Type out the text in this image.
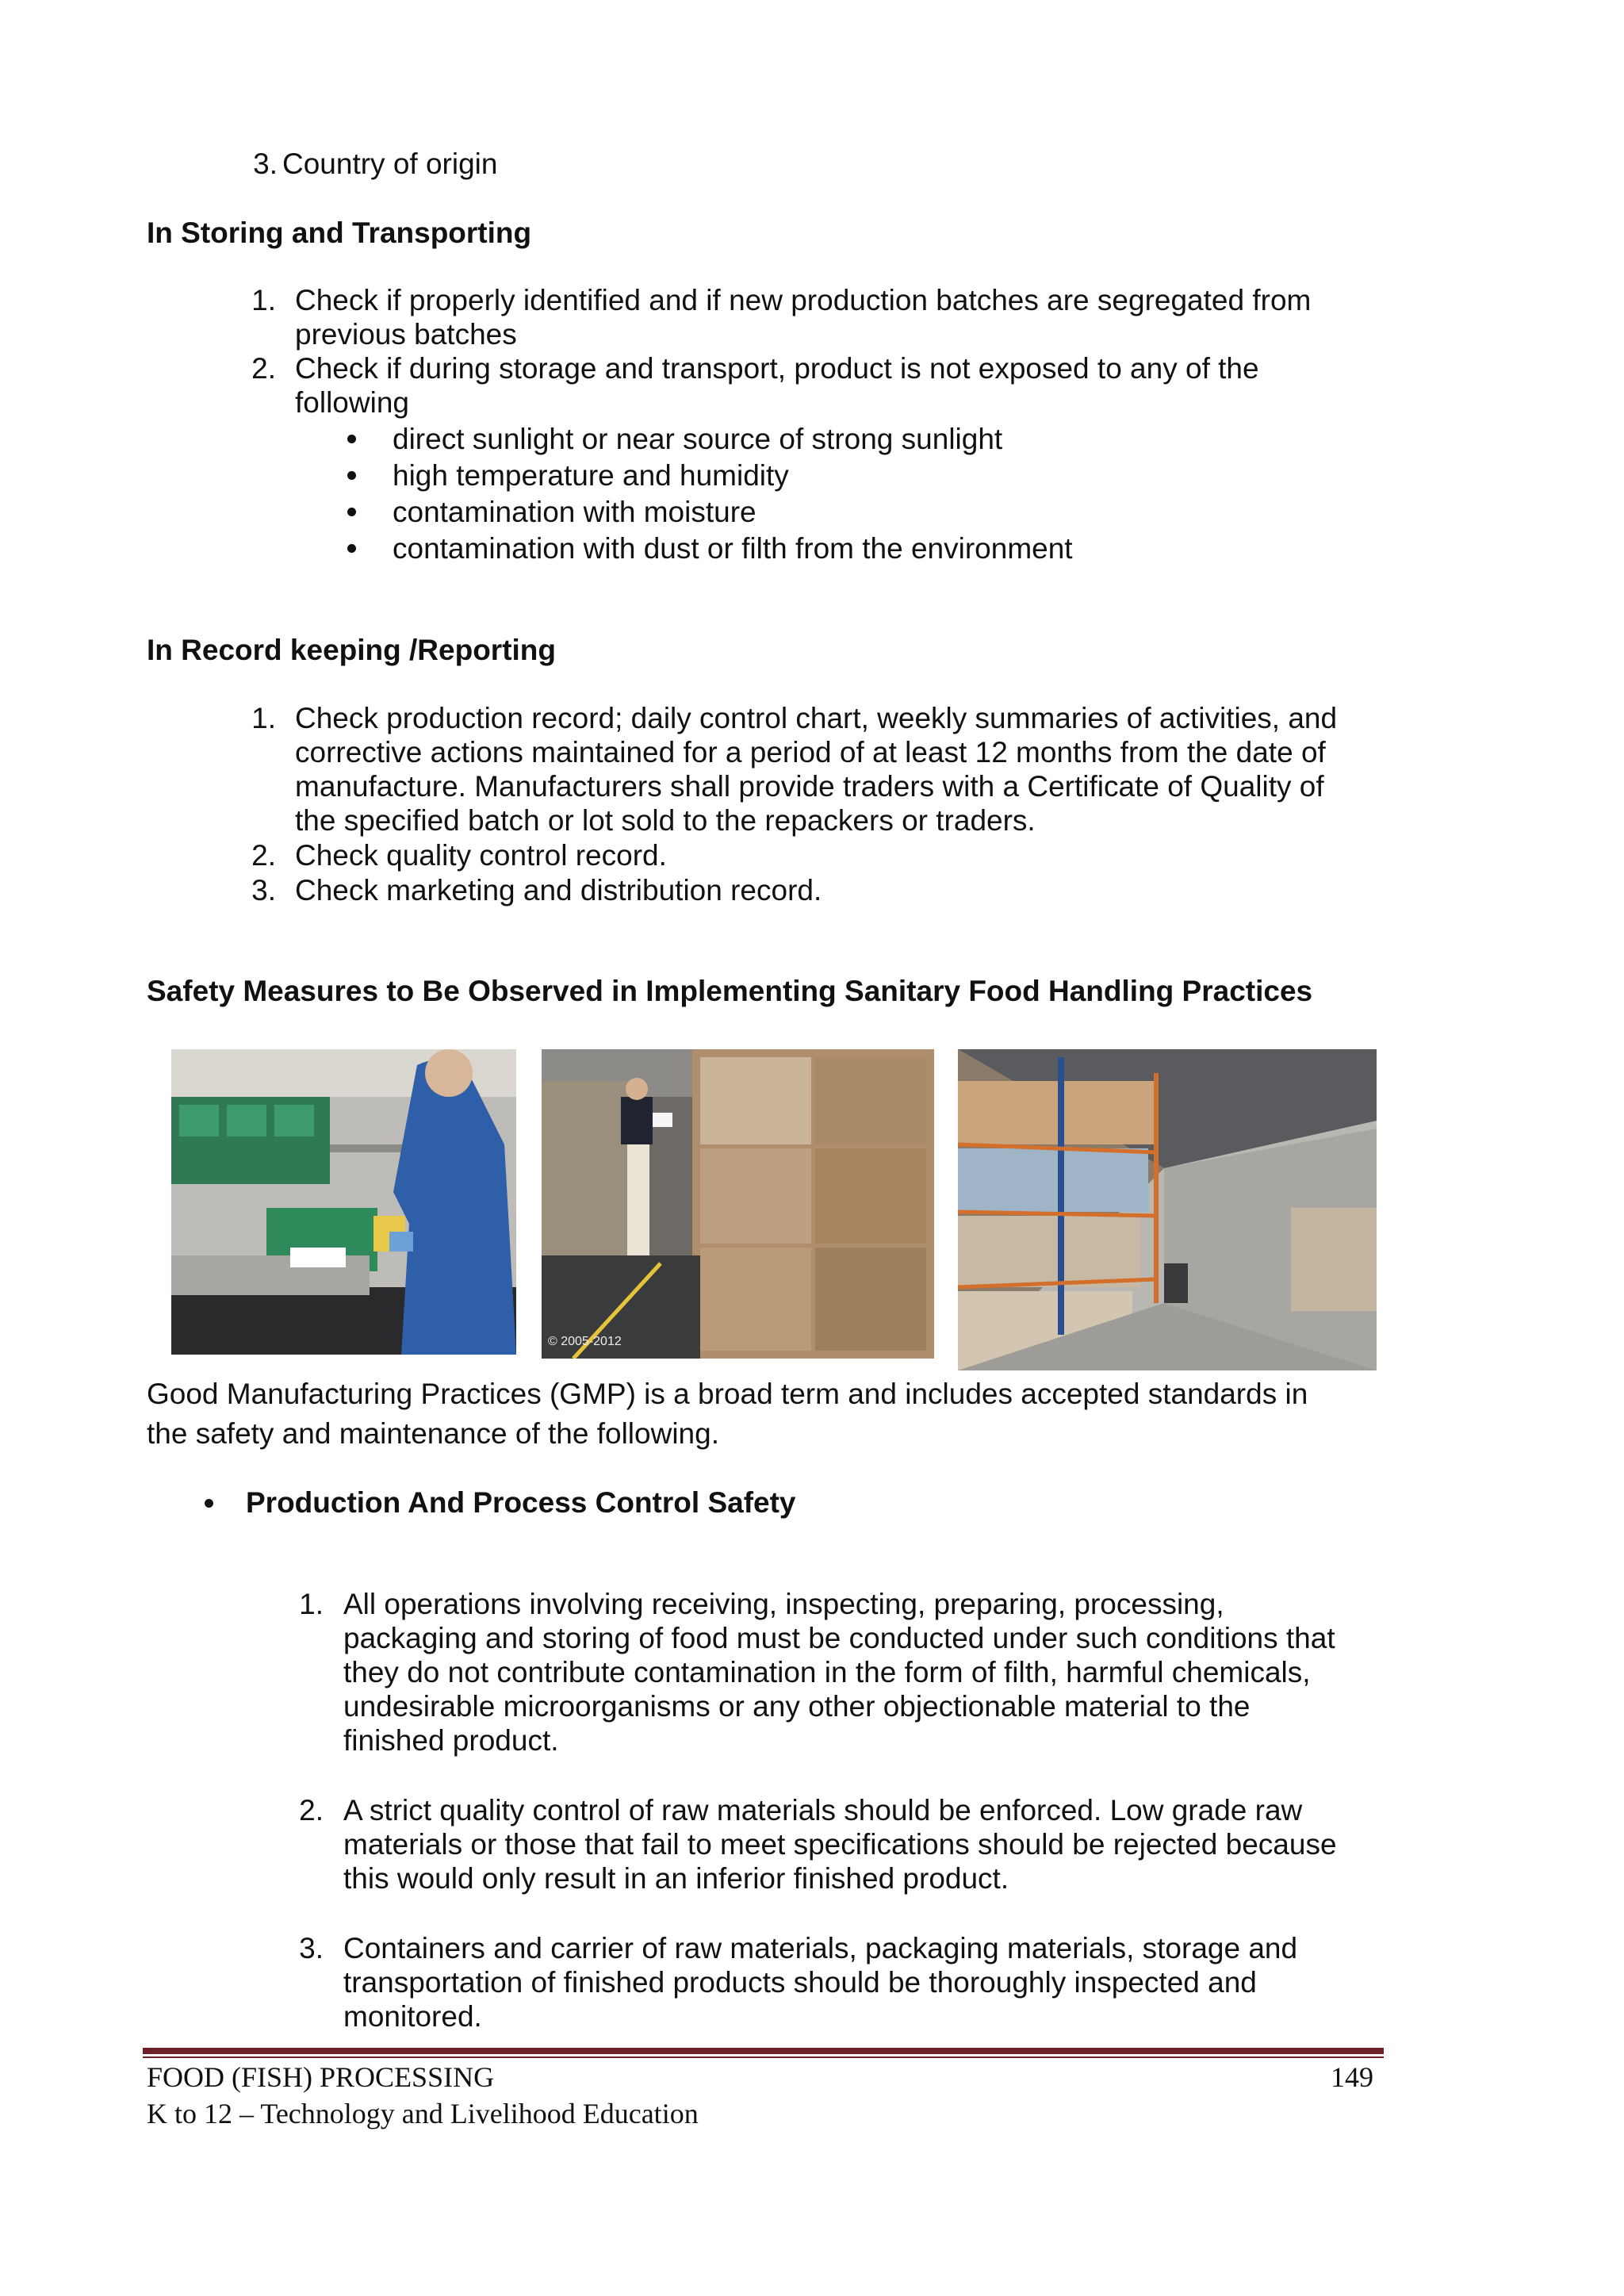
3. Country of origin
In Storing and Transporting
1. Check if properly identified and if new production batches are segregated from
previous batches
2. Check if during storage and transport, product is not exposed to any of the
following
direct sunlight or near source of strong sunlight
high temperature and humidity
contamination with moisture
contamination with dust or filth from the environment
In Record keeping /Reporting
1. Check production record; daily control chart, weekly summaries of activities, and
corrective actions maintained for a period of at least 12 months from the date of
manufacture. Manufacturers shall provide traders with a Certificate of Quality of
the specified batch or lot sold to the repackers or traders.
2. Check quality control record.
3. Check marketing and distribution record.
Safety Measures to Be Observed in Implementing Sanitary Food Handling Practices
© 2005-2012
Good Manufacturing Practices (GMP) is a broad term and includes accepted standards in
the safety and maintenance of the following.
Production And Process Control Safety
1. All operations involving receiving, inspecting, preparing, processing,
packaging and storing of food must be conducted under such conditions that
they do not contribute contamination in the form of filth, harmful chemicals,
undesirable microorganisms or any other objectionable material to the
finished product.
2. A strict quality control of raw materials should be enforced. Low grade raw
materials or those that fail to meet specifications should be rejected because
this would only result in an inferior finished product.
3. Containers and carrier of raw materials, packaging materials, storage and
transportation of finished products should be thoroughly inspected and
monitored.
FOOD (FISH) PROCESSING	149
K to 12 – Technology and Livelihood Education
